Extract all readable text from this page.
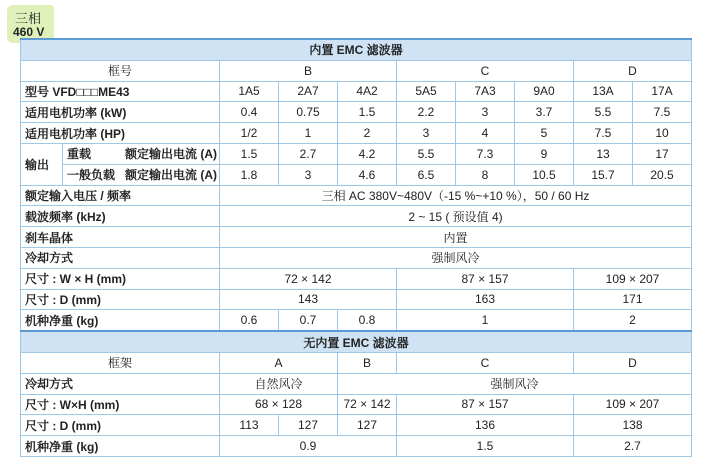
三相
460 V
内置 EMC 滤波器									
框号		B			C			D	
型号 VFD□□□ME43		1A5	2A7	4A2	5A5	7A3	9A0	13A	17A
适用电机功率 (kW)		0.4	0.75	1.5	2.2	3	3.7	5.5	7.5
适用电机功率 (HP)		1/2	1	2	3	4	5	7.5	10
输出	重载 额定输出电流 (A)	1.5	2.7	4.2	5.5	7.3	9	13	17
	一般负载 额定输出电流 (A)	1.8	3	4.6	6.5	8	10.5	15.7	20.5
额定输入电压 / 频率		三相 AC 380V~480V（-15 %~+10 %），50 / 60 Hz							
载波频率 (kHz)		2 ~ 15 ( 预设值 4)							
刹车晶体		内置							
冷却方式		强制风冷							
尺寸 : W × H (mm)		72 × 142			87 × 157			109 × 207	
尺寸 : D (mm)		143			163			171	
机种净重 (kg)		0.6	0.7	0.8	1			2	
无内置 EMC 滤波器									
框架		A		B	C			D	
冷却方式		自然风冷		强制风冷					
尺寸 : W×H (mm)		68 × 128		72 × 142	87 × 157			109 × 207	
尺寸 : D (mm)		113	127	127	136			138	
机种净重 (kg)		0.9			1.5			2.7	
